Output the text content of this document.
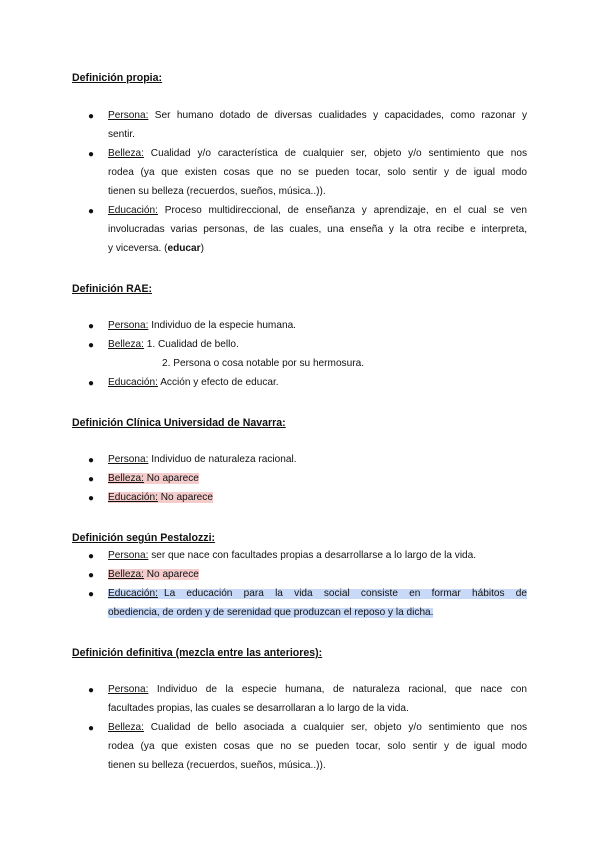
Definición propia:
● Persona: Ser humano dotado de diversas cualidades y capacidades, como razonar y
sentir.
● Belleza: Cualidad y/o característica de cualquier ser, objeto y/o sentimiento que nos
rodea (ya que existen cosas que no se pueden tocar, solo sentir y de igual modo
tienen su belleza (recuerdos, sueños, música..)).
● Educación: Proceso multidireccional, de enseñanza y aprendizaje, en el cual se ven
involucradas varias personas, de las cuales, una enseña y la otra recibe e interpreta,
y viceversa. (educar)
Definición RAE:
● Persona: Individuo de la especie humana.
● Belleza: 1. Cualidad de bello.
2. Persona o cosa notable por su hermosura.
● Educación: Acción y efecto de educar.
Definición Clínica Universidad de Navarra:
● Persona: Individuo de naturaleza racional.
● Belleza: No aparece
● Educación: No aparece
Definición según Pestalozzi:
● Persona: ser que nace con facultades propias a desarrollarse a lo largo de la vida.
● Belleza: No aparece
● Educación: La educación para la vida social consiste en formar hábitos de
obediencia, de orden y de serenidad que produzcan el reposo y la dicha.
Definición definitiva (mezcla entre las anteriores):
● Persona: Individuo de la especie humana, de naturaleza racional, que nace con
facultades propias, las cuales se desarrollaran a lo largo de la vida.
● Belleza: Cualidad de bello asociada a cualquier ser, objeto y/o sentimiento que nos
rodea (ya que existen cosas que no se pueden tocar, solo sentir y de igual modo
tienen su belleza (recuerdos, sueños, música..)).
